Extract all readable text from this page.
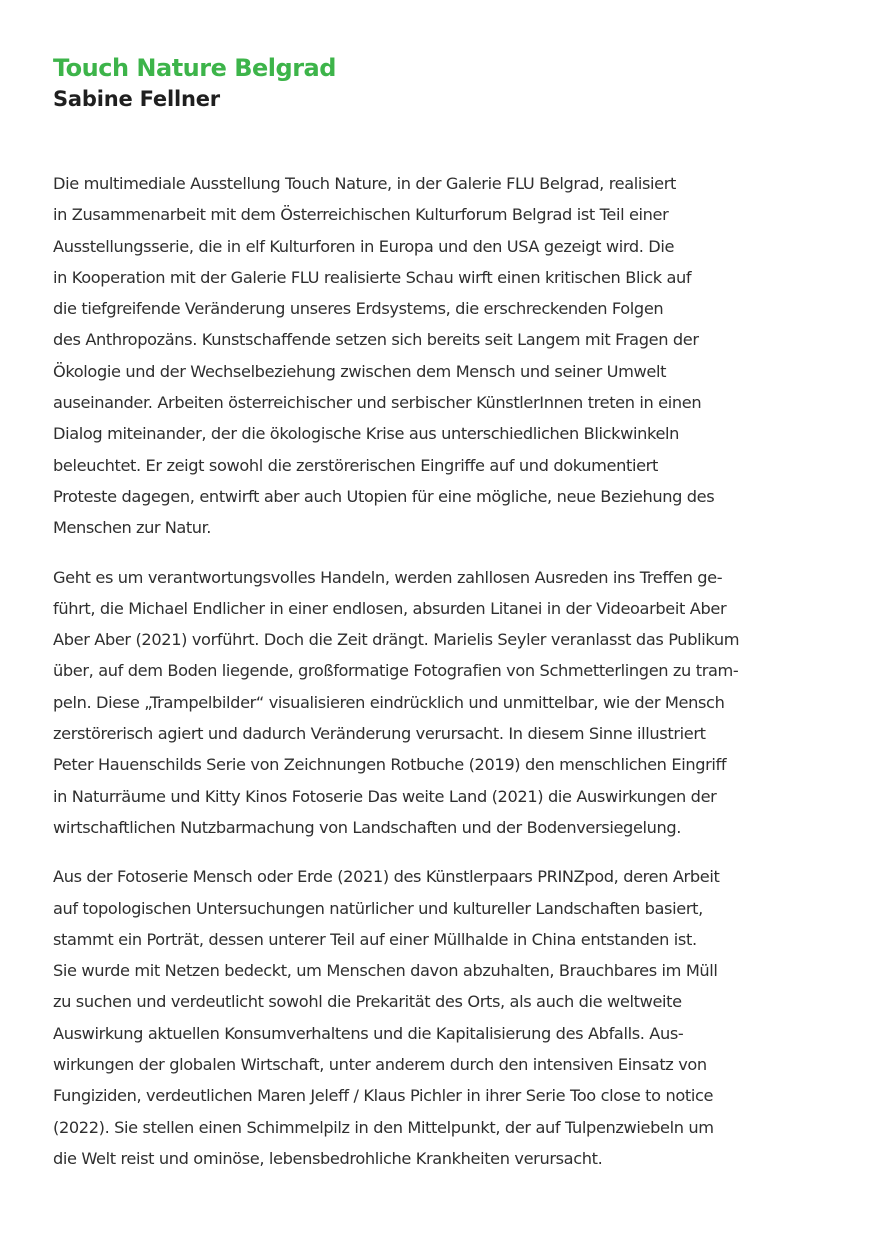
Touch Nature Belgrad
Sabine Fellner

Die multimediale Ausstellung Touch Nature, in der Galerie FLU Belgrad, realisiert
in Zusammenarbeit mit dem Österreichischen Kulturforum Belgrad ist Teil einer
Ausstellungsserie, die in elf Kulturforen in Europa und den USA gezeigt wird. Die
in Kooperation mit der Galerie FLU realisierte Schau wirft einen kritischen Blick auf
die tiefgreifende Veränderung unseres Erdsystems, die erschreckenden Folgen
des Anthropozäns. Kunstschaffende setzen sich bereits seit Langem mit Fragen der
Ökologie und der Wechselbeziehung zwischen dem Mensch und seiner Umwelt
auseinander. Arbeiten österreichischer und serbischer KünstlerInnen treten in einen
Dialog miteinander, der die ökologische Krise aus unterschiedlichen Blickwinkeln
beleuchtet. Er zeigt sowohl die zerstörerischen Eingriffe auf und dokumentiert
Proteste dagegen, entwirft aber auch Utopien für eine mögliche, neue Beziehung des
Menschen zur Natur.

Geht es um verantwortungsvolles Handeln, werden zahllosen Ausreden ins Treffen ge-
führt, die Michael Endlicher in einer endlosen, absurden Litanei in der Videoarbeit Aber
Aber Aber (2021) vorführt. Doch die Zeit drängt. Marielis Seyler veranlasst das Publikum
über, auf dem Boden liegende, großformatige Fotografien von Schmetterlingen zu tram-
peln. Diese „Trampelbilder“ visualisieren eindrücklich und unmittelbar, wie der Mensch
zerstörerisch agiert und dadurch Veränderung verursacht. In diesem Sinne illustriert
Peter Hauenschilds Serie von Zeichnungen Rotbuche (2019) den menschlichen Eingriff
in Naturräume und Kitty Kinos Fotoserie Das weite Land (2021) die Auswirkungen der
wirtschaftlichen Nutzbarmachung von Landschaften und der Bodenversiegelung.

Aus der Fotoserie Mensch oder Erde (2021) des Künstlerpaars PRINZpod, deren Arbeit
auf topologischen Untersuchungen natürlicher und kultureller Landschaften basiert,
stammt ein Porträt, dessen unterer Teil auf einer Müllhalde in China entstanden ist.
Sie wurde mit Netzen bedeckt, um Menschen davon abzuhalten, Brauchbares im Müll
zu suchen und verdeutlicht sowohl die Prekarität des Orts, als auch die weltweite
Auswirkung aktuellen Konsumverhaltens und die Kapitalisierung des Abfalls. Aus-
wirkungen der globalen Wirtschaft, unter anderem durch den intensiven Einsatz von
Fungiziden, verdeutlichen Maren Jeleff / Klaus Pichler in ihrer Serie Too close to notice
(2022). Sie stellen einen Schimmelpilz in den Mittelpunkt, der auf Tulpenzwiebeln um
die Welt reist und ominöse, lebensbedrohliche Krankheiten verursacht.
